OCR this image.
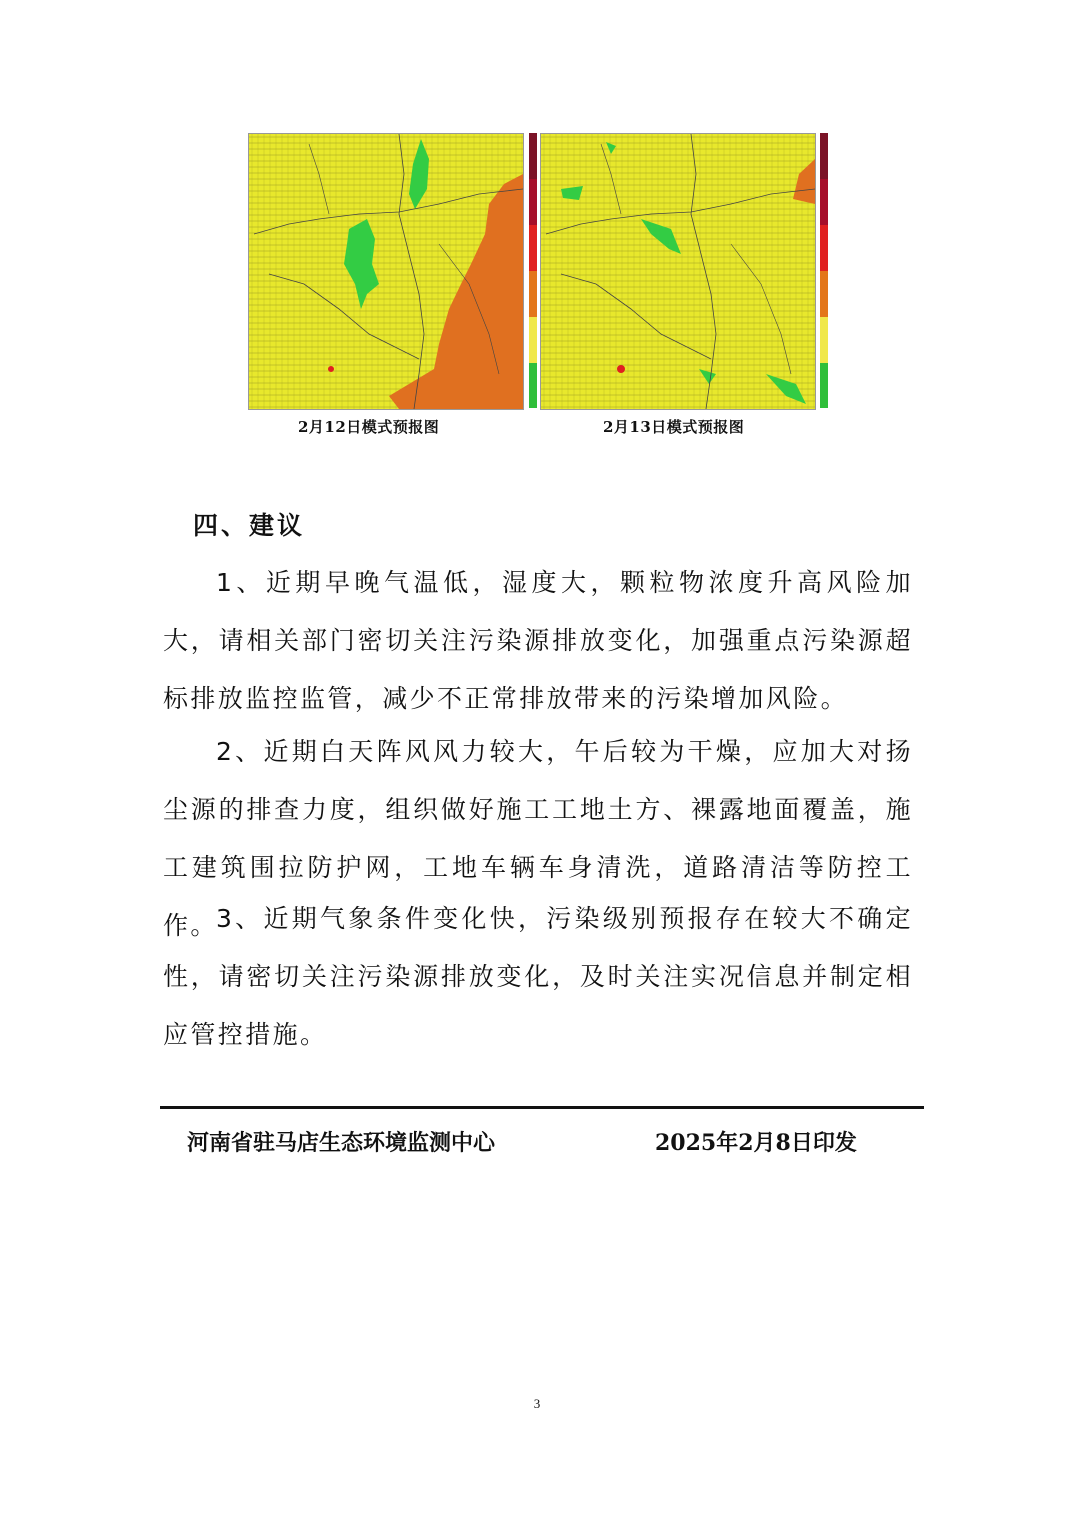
2月12日模式预报图	2月13日模式预报图
四、建议
1、近期早晚气温低，湿度大，颗粒物浓度升高风险加大，请相关部门密切关注污染源排放变化，加强重点污染源超标排放监控监管，减少不正常排放带来的污染增加风险。
2、近期白天阵风风力较大，午后较为干燥，应加大对扬尘源的排查力度，组织做好施工工地土方、裸露地面覆盖，施工建筑围拉防护网，工地车辆车身清洗，道路清洁等防控工作。
3、近期气象条件变化快，污染级别预报存在较大不确定性，请密切关注污染源排放变化，及时关注实况信息并制定相应管控措施。
河南省驻马店生态环境监测中心	2025年2月8日印发
3
